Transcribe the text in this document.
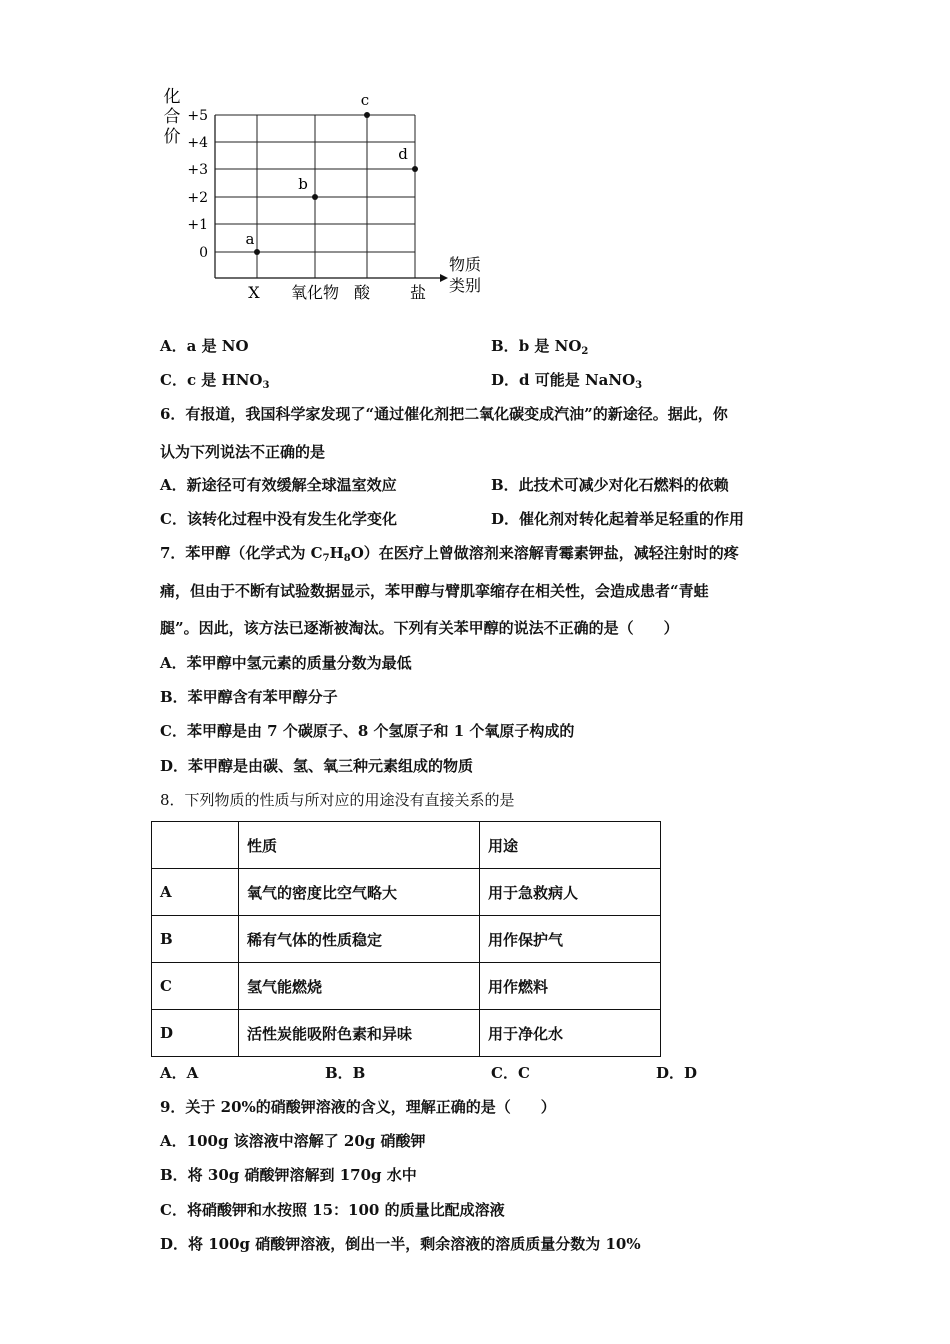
化
合
价
+5
+4
+3
+2
+1
0
X 氧化物 酸 盐
a
b
c
d
物质
类别
A．a 是 NO	B．b 是 $NO_2$
C．c 是 $HNO_3$	D．d 可能是 NaNO$_3$
6．有报道，我国科学家发现了“通过催化剂把二氧化碳变成汽油”的新途径。据此，你
认为下列说法不正确的是
A．新途径可有效缓解全球温室效应	B．此技术可减少对化石燃料的依赖
C．该转化过程中没有发生化学变化	D．催化剂对转化起着举足轻重的作用
7．苯甲醇（化学式为 $C_7H_8O$）在医疗上曾做溶剂来溶解青霉素钾盐，减轻注射时的疼
痛，但由于不断有试验数据显示，苯甲醇与臂肌挛缩存在相关性，会造成患者“青蛙
腿”。因此，该方法已逐渐被淘汰。下列有关苯甲醇的说法不正确的是（　　）
A．苯甲醇中氢元素的质量分数为最低
B．苯甲醇含有苯甲醇分子
C．苯甲醇是由 7 个碳原子、8 个氢原子和 1 个氧原子构成的
D．苯甲醇是由碳、氢、氧三种元素组成的物质
8．下列物质的性质与所对应的用途没有直接关系的是
	性质	用途
A	氧气的密度比空气略大	用于急救病人
B	稀有气体的性质稳定	用作保护气
C	氢气能燃烧	用作燃料
D	活性炭能吸附色素和异味	用于净化水
A．A	B．B	C．C	D．D
9．关于 20%的硝酸钾溶液的含义，理解正确的是（　　）
A．100g 该溶液中溶解了 20g 硝酸钾
B．将 30g 硝酸钾溶解到 170g 水中
C．将硝酸钾和水按照 15：100 的质量比配成溶液
D．将 100g 硝酸钾溶液，倒出一半，剩余溶液的溶质质量分数为 10%
